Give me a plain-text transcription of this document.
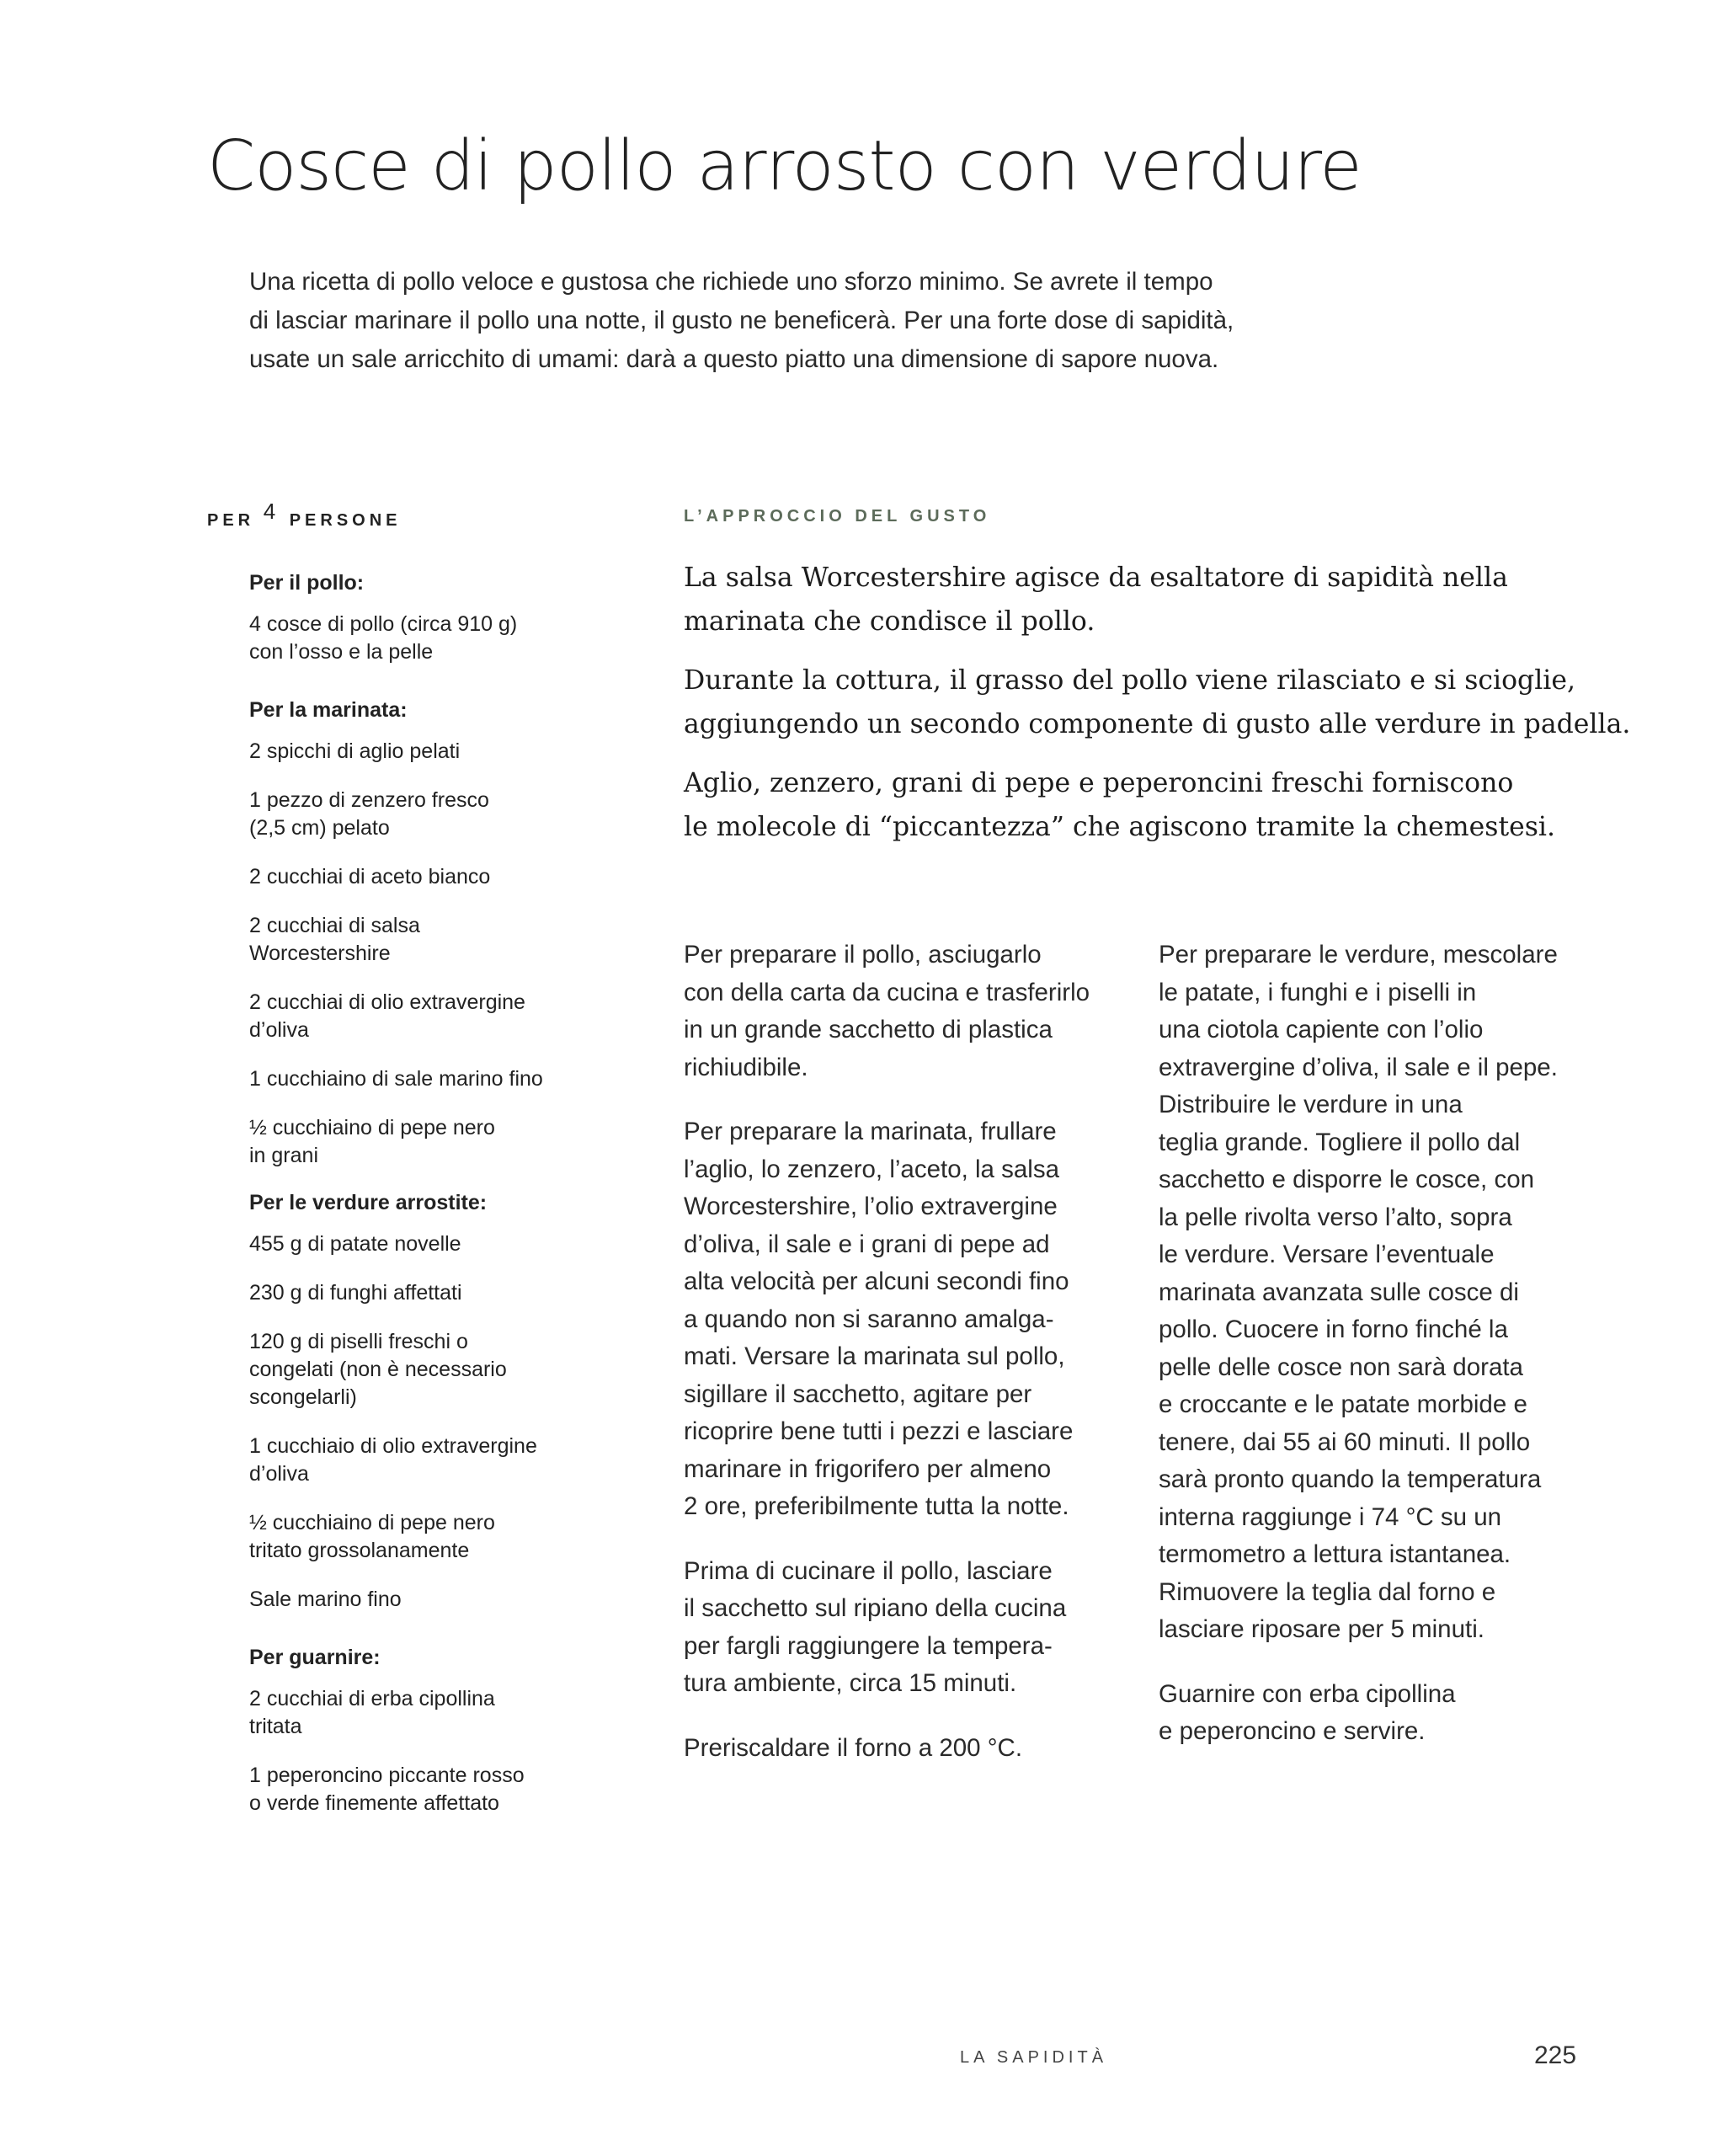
Cosce di pollo arrosto con verdure
Una ricetta di pollo veloce e gustosa che richiede uno sforzo minimo. Se avrete il tempo
di lasciar marinare il pollo una notte, il gusto ne beneficerà. Per una forte dose di sapidità,
usate un sale arricchito di umami: darà a questo piatto una dimensione di sapore nuova.
PER 4 PERSONE
Per il pollo:
4 cosce di pollo (circa 910 g)
con l’osso e la pelle
Per la marinata:
2 spicchi di aglio pelati
1 pezzo di zenzero fresco
(2,5 cm) pelato
2 cucchiai di aceto bianco
2 cucchiai di salsa
Worcestershire
2 cucchiai di olio extravergine
d’oliva
1 cucchiaino di sale marino fino
½ cucchiaino di pepe nero
in grani
Per le verdure arrostite:
455 g di patate novelle
230 g di funghi affettati
120 g di piselli freschi o
congelati (non è necessario
scongelarli)
1 cucchiaio di olio extravergine
d’oliva
½ cucchiaino di pepe nero
tritato grossolanamente
Sale marino fino
Per guarnire:
2 cucchiai di erba cipollina
tritata
1 peperoncino piccante rosso
o verde finemente affettato
L’APPROCCIO DEL GUSTO

La salsa Worcestershire agisce da esaltatore di sapidità nella
marinata che condisce il pollo.

Durante la cottura, il grasso del pollo viene rilasciato e si scioglie,
aggiungendo un secondo componente di gusto alle verdure in padella.

Aglio, zenzero, grani di pepe e peperoncini freschi forniscono
le molecole di “piccantezza” che agiscono tramite la chemestesi.

Per preparare il pollo, asciugarlo
con della carta da cucina e trasferirlo
in un grande sacchetto di plastica
richiudibile.

Per preparare la marinata, frullare
l’aglio, lo zenzero, l’aceto, la salsa
Worcestershire, l’olio extravergine
d’oliva, il sale e i grani di pepe ad
alta velocità per alcuni secondi fino
a quando non si saranno amalga-
mati. Versare la marinata sul pollo,
sigillare il sacchetto, agitare per
ricoprire bene tutti i pezzi e lasciare
marinare in frigorifero per almeno
2 ore, preferibilmente tutta la notte.

Prima di cucinare il pollo, lasciare
il sacchetto sul ripiano della cucina
per fargli raggiungere la tempera-
tura ambiente, circa 15 minuti.

Preriscaldare il forno a 200 °C.

Per preparare le verdure, mescolare
le patate, i funghi e i piselli in
una ciotola capiente con l’olio
extravergine d’oliva, il sale e il pepe.
Distribuire le verdure in una
teglia grande. Togliere il pollo dal
sacchetto e disporre le cosce, con
la pelle rivolta verso l’alto, sopra
le verdure. Versare l’eventuale
marinata avanzata sulle cosce di
pollo. Cuocere in forno finché la
pelle delle cosce non sarà dorata
e croccante e le patate morbide e
tenere, dai 55 ai 60 minuti. Il pollo
sarà pronto quando la temperatura
interna raggiunge i 74 °C su un
termometro a lettura istantanea.
Rimuovere la teglia dal forno e
lasciare riposare per 5 minuti.

Guarnire con erba cipollina
e peperoncino e servire.

LA SAPIDITÀ	225
